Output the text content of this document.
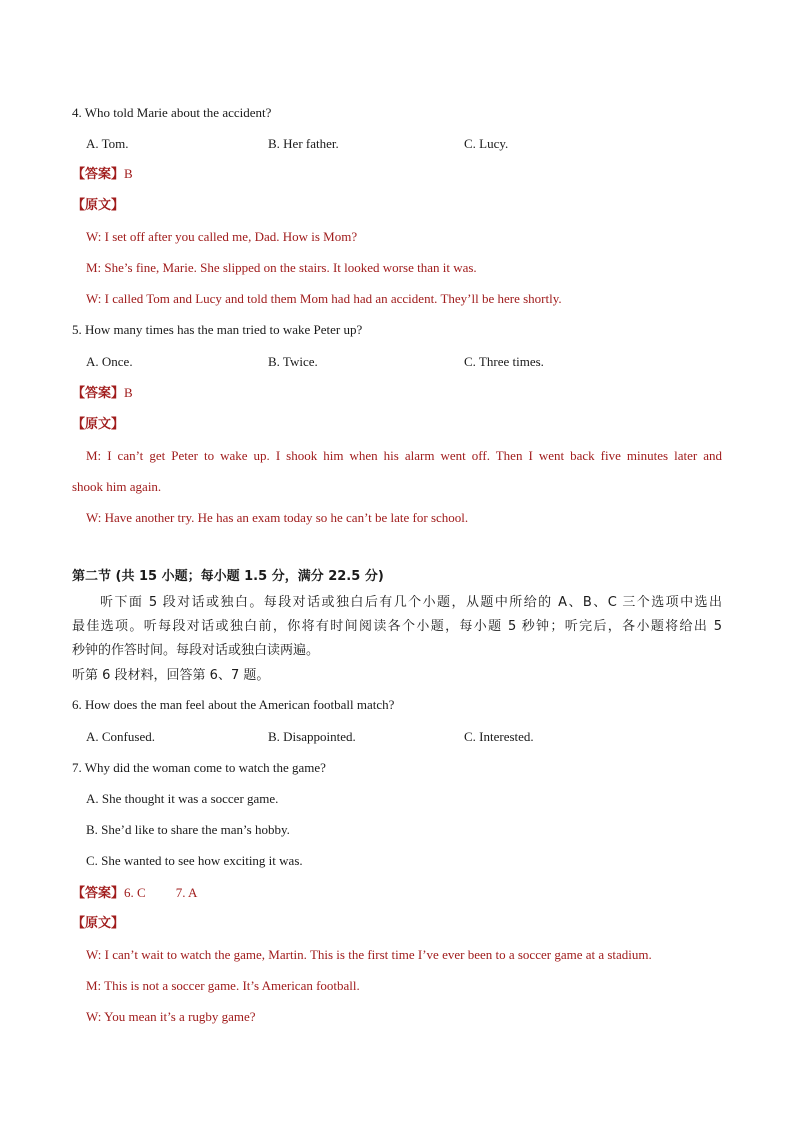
4. Who told Marie about the accident?
A. Tom.	B. Her father.	C. Lucy.
【答案】B
【原文】
W: I set off after you called me, Dad. How is Mom?
M: She’s fine, Marie. She slipped on the stairs. It looked worse than it was.
W: I called Tom and Lucy and told them Mom had had an accident. They’ll be here shortly.
5. How many times has the man tried to wake Peter up?
A. Once.	B. Twice.	C. Three times.
【答案】B
【原文】
M: I can’t get Peter to wake up. I shook him when his alarm went off. Then I went back five minutes later and
shook him again.
W: Have another try. He has an exam today so he can’t be late for school.
第二节 (共 15 小题；每小题 1.5 分，满分 22.5 分)
听下面 5 段对话或独白。每段对话或独白后有几个小题，从题中所给的 A、B、C 三个选项中选出
最佳选项。听每段对话或独白前，你将有时间阅读各个小题，每小题 5 秒钟；听完后，各小题将给出 5
秒钟的作答时间。每段对话或独白读两遍。
听第 6 段材料，回答第 6、7 题。
6. How does the man feel about the American football match?
A. Confused.	B. Disappointed.	C. Interested.
7. Why did the woman come to watch the game?
A. She thought it was a soccer game.
B. She’d like to share the man’s hobby.
C. She wanted to see how exciting it was.
【答案】6. C 7. A
【原文】
W: I can’t wait to watch the game, Martin. This is the first time I’ve ever been to a soccer game at a stadium.
M: This is not a soccer game. It’s American football.
W: You mean it’s a rugby game?
